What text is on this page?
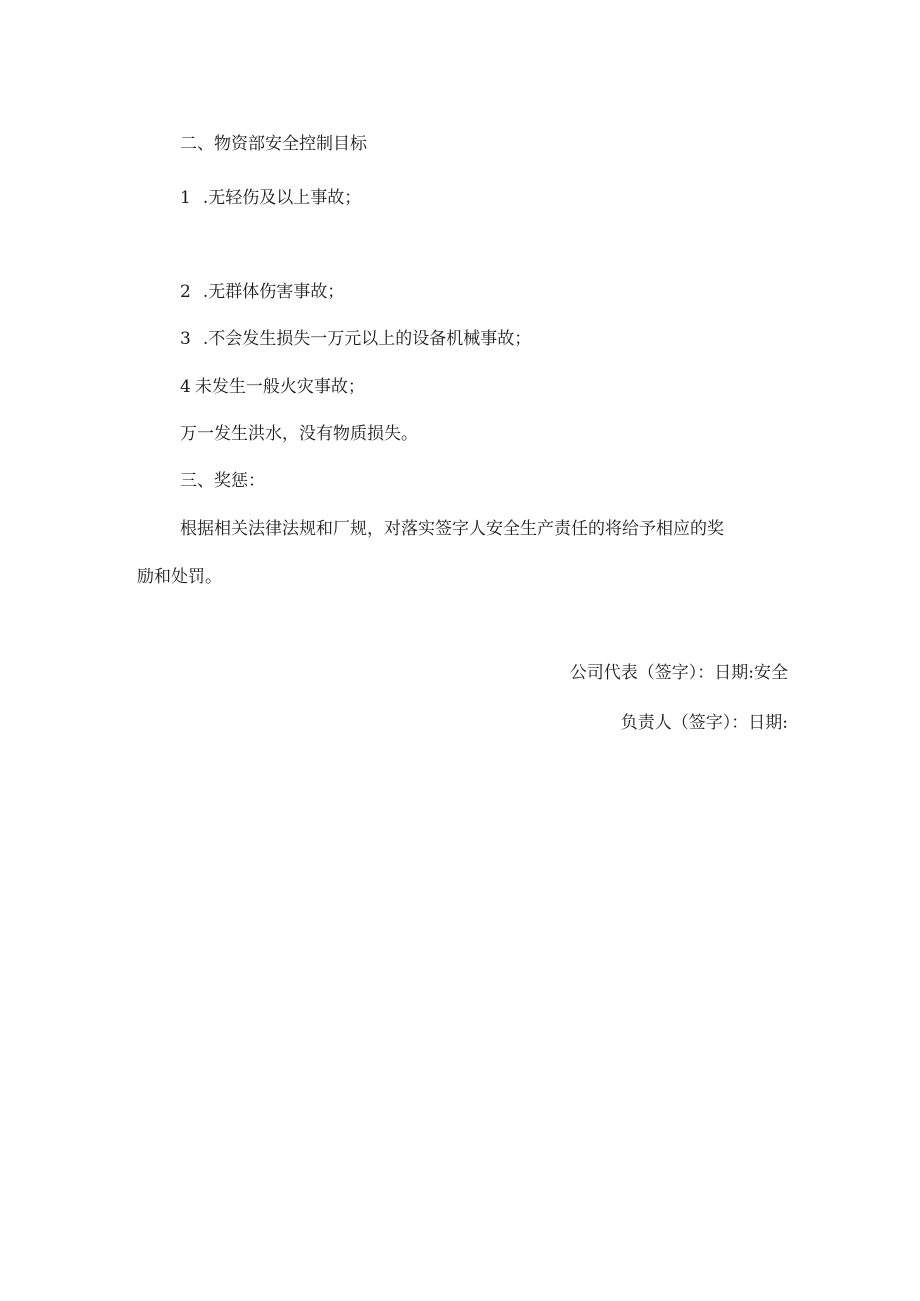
二、物资部安全控制目标
1 .无轻伤及以上事故；
2 .无群体伤害事故；
3 .不会发生损失一万元以上的设备机械事故；
4 未发生一般火灾事故；
万一发生洪水，没有物质损失。
三、奖惩：
根据相关法律法规和厂规，对落实签字人安全生产责任的将给予相应的奖
励和处罚。
公司代表（签字）：日期:安全
负责人（签字）：日期:
